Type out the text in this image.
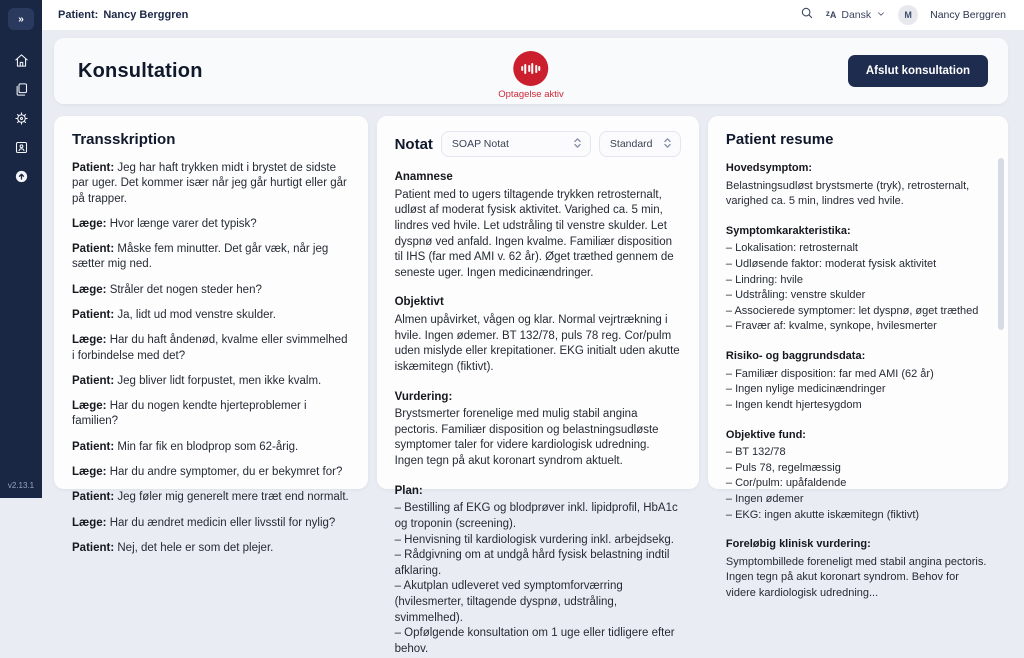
»
v2.13.1
Patient: Nancy Berggren	$^z$A Dansk	M	Nancy Berggren
Konsultation
Optagelse aktiv
Afslut konsultation
Transskription

Patient: Jeg har haft trykken midt i brystet de sidste par uger. Det kommer især når jeg går hurtigt eller går på trapper.

Læge: Hvor længe varer det typisk?

Patient: Måske fem minutter. Det går væk, når jeg sætter mig ned.

Læge: Stråler det nogen steder hen?

Patient: Ja, lidt ud mod venstre skulder.

Læge: Har du haft åndenød, kvalme eller svimmelhed i forbindelse med det?

Patient: Jeg bliver lidt forpustet, men ikke kvalm.

Læge: Har du nogen kendte hjerteproblemer i familien?

Patient: Min far fik en blodprop som 62-årig.

Læge: Har du andre symptomer, du er bekymret for?

Patient: Jeg føler mig generelt mere træt end normalt.

Læge: Har du ændret medicin eller livsstil for nylig?

Patient: Nej, det hele er som det plejer.

Notat SOAP Notat	Standard
Anamnese
Patient med to ugers tiltagende trykken retrosternalt, udløst af moderat fysisk aktivitet. Varighed ca. 5 min, lindres ved hvile. Let udstråling til venstre skulder. Let dyspnø ved anfald. Ingen kvalme. Familiær disposition til IHS (far med AMI v. 62 år). Øget træthed gennem de seneste uger. Ingen medicinændringer.
Objektivt
Almen upåvirket, vågen og klar. Normal vejrtrækning i hvile. Ingen ødemer. BT 132/78, puls 78 reg. Cor/pulm uden mislyde eller krepitationer. EKG initialt uden akutte iskæmitegn (fiktivt).
Vurdering:
Brystsmerter forenelige med mulig stabil angina pectoris. Familiær disposition og belastningsudløste symptomer taler for videre kardiologisk udredning. Ingen tegn på akut koronart syndrom aktuelt.
Plan:
– Bestilling af EKG og blodprøver inkl. lipidprofil, HbA1c og troponin (screening).
– Henvisning til kardiologisk vurdering inkl. arbejdsekg.
– Rådgivning om at undgå hård fysisk belastning indtil afklaring.
– Akutplan udleveret ved symptomforværring (hvilesmerter, tiltagende dyspnø, udstråling, svimmelhed).
– Opfølgende konsultation om 1 uge eller tidligere efter behov.
Patient resume
Hovedsymptom:
Belastningsudløst brystsmerte (tryk), retrosternalt, varighed ca. 5 min, lindres ved hvile.
Symptomkarakteristika:
– Lokalisation: retrosternalt
– Udløsende faktor: moderat fysisk aktivitet
– Lindring: hvile
– Udstråling: venstre skulder
– Associerede symptomer: let dyspnø, øget træthed
– Fravær af: kvalme, synkope, hvilesmerter
Risiko- og baggrundsdata:
– Familiær disposition: far med AMI (62 år)
– Ingen nylige medicinændringer
– Ingen kendt hjertesygdom
Objektive fund:
– BT 132/78
– Puls 78, regelmæssig
– Cor/pulm: upåfaldende
– Ingen ødemer
– EKG: ingen akutte iskæmitegn (fiktivt)
Foreløbig klinisk vurdering:
Symptombillede foreneligt med stabil angina pectoris. Ingen tegn på akut koronart syndrom. Behov for videre kardiologisk udredning...
